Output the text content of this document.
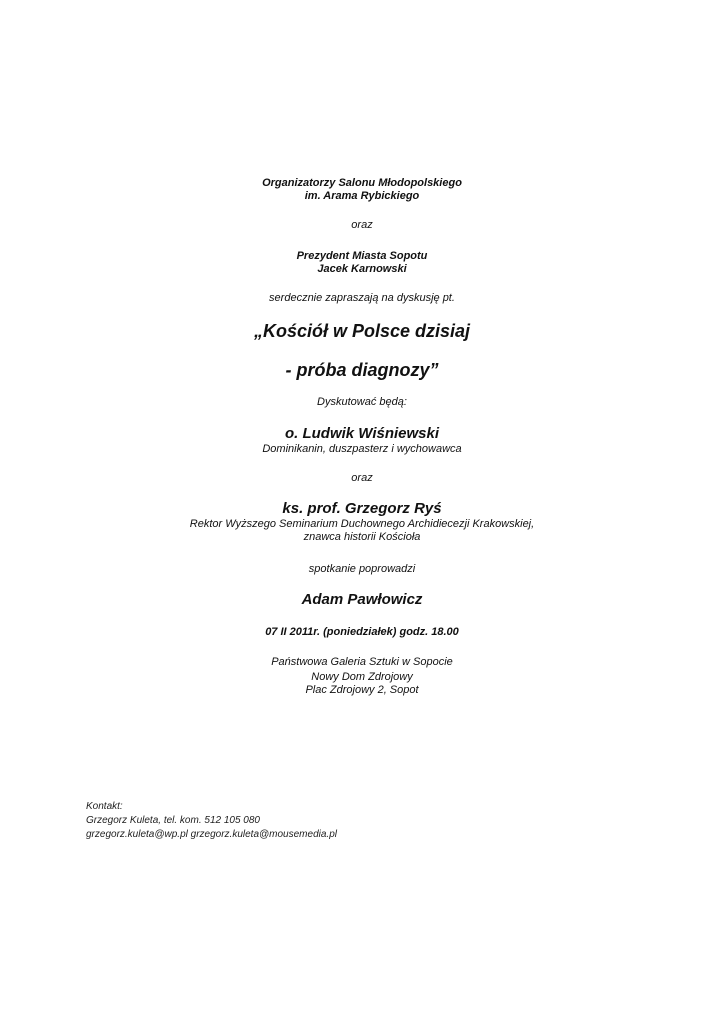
Organizatorzy Salonu Młodopolskiego
im. Arama Rybickiego
oraz
Prezydent Miasta Sopotu
Jacek Karnowski
serdecznie zapraszają na dyskusję pt.
„Kościół w Polsce dzisiaj
- próba diagnozy”
Dyskutować będą:
o. Ludwik Wiśniewski
Dominikanin, duszpasterz i wychowawca
oraz
ks. prof. Grzegorz Ryś
Rektor Wyższego Seminarium Duchownego Archidiecezji Krakowskiej,
znawca historii Kościoła
spotkanie poprowadzi
Adam Pawłowicz
07 II 2011r. (poniedziałek) godz. 18.00
Państwowa Galeria Sztuki w Sopocie
Nowy Dom Zdrojowy
Plac Zdrojowy 2, Sopot
Kontakt:
Grzegorz Kuleta, tel. kom. 512 105 080
grzegorz.kuleta@wp.pl grzegorz.kuleta@mousemedia.pl
